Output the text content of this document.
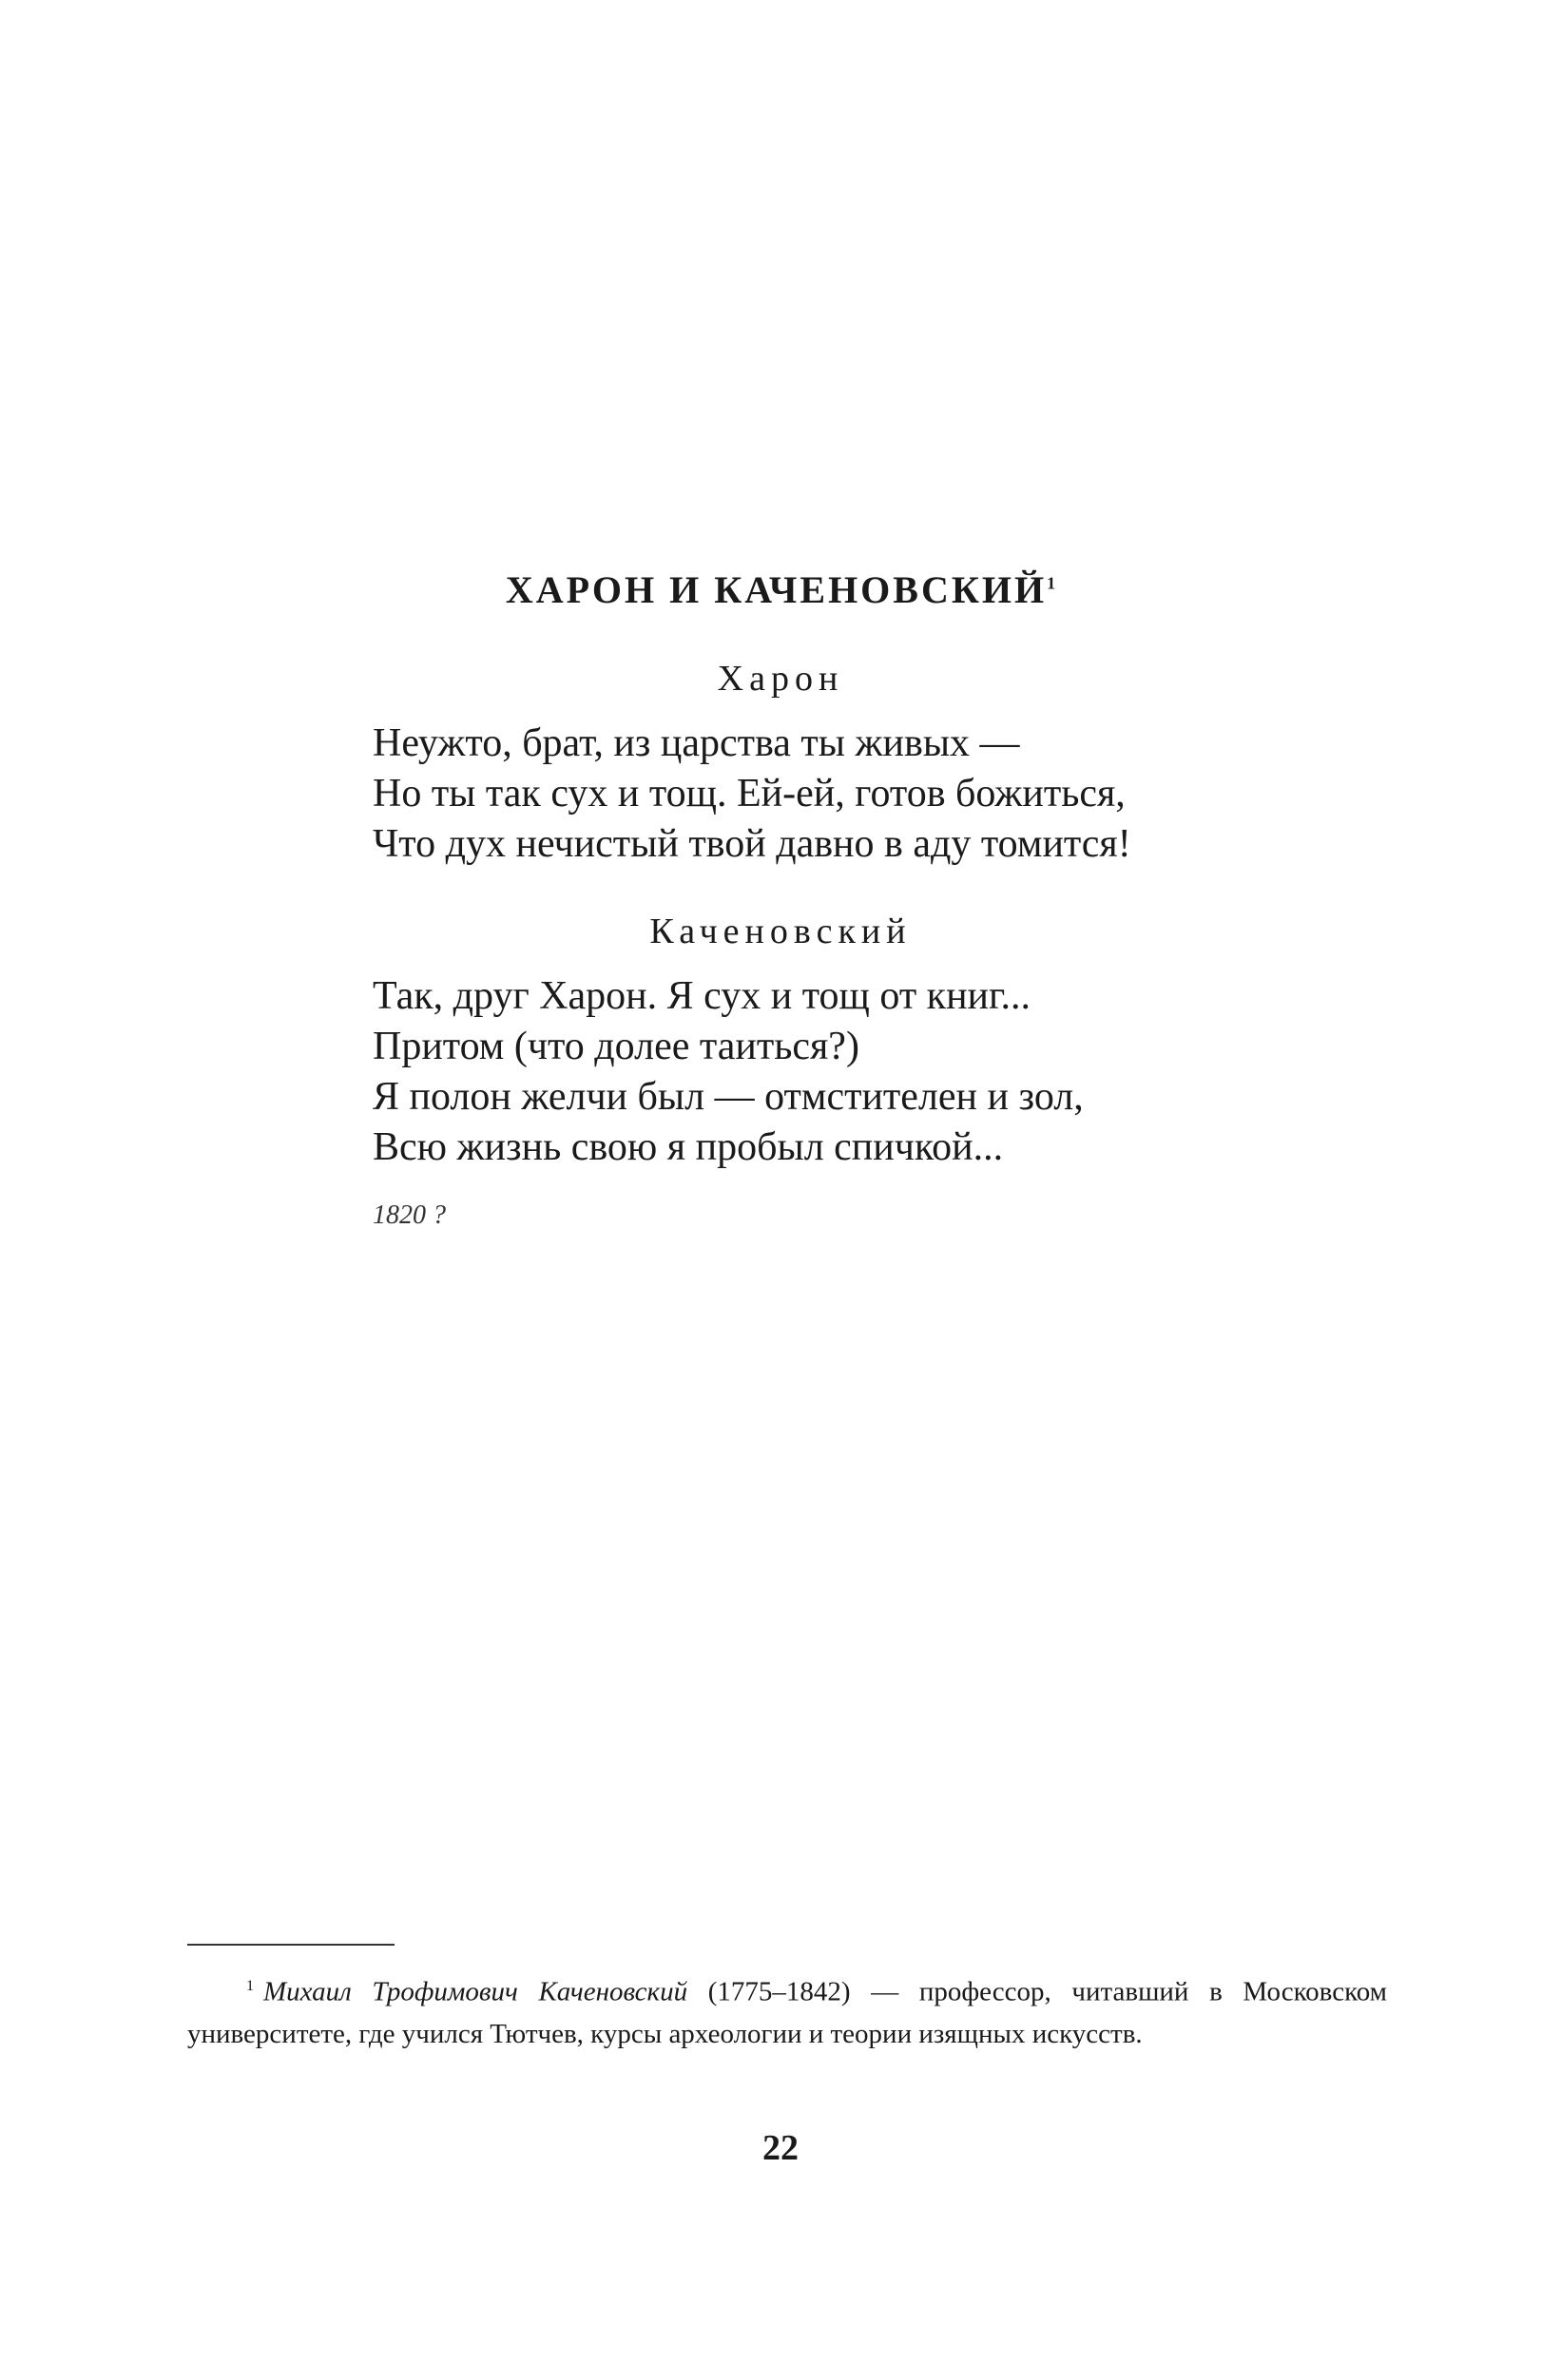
ХАРОН И КАЧЕНОВСКИЙ$^1$
Харон
Неужто, брат, из царства ты живых —
Но ты так сух и тощ. Ей-ей, готов божиться,
Что дух нечистый твой давно в аду томится!
Каченовский
Так, друг Харон. Я сух и тощ от книг...
Притом (что долее таиться?)
Я полон желчи был — отмстителен и зол,
Всю жизнь свою я пробыл спичкой...
1820 ?
$^1$ Михаил Трофимович Каченовский (1775–1842) — профессор, читавший в Московском университете, где учился Тютчев, курсы археологии и теории изящных искусств.
22
